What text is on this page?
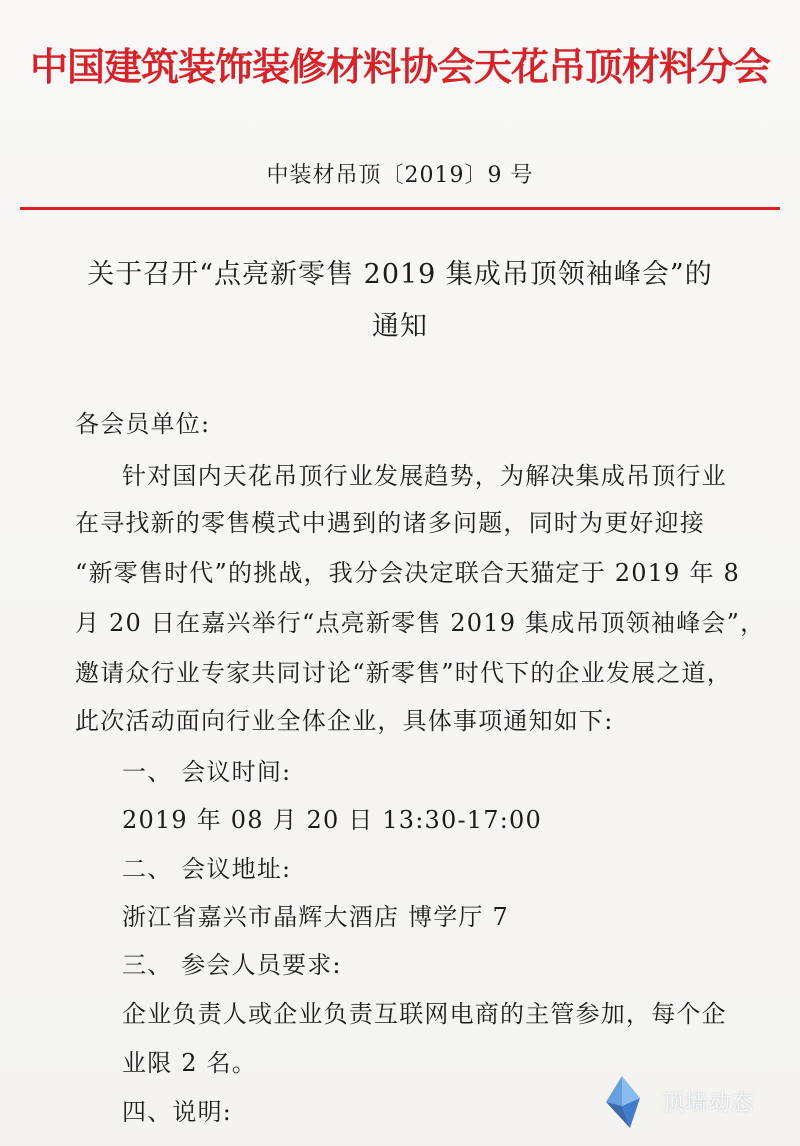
中国建筑装饰装修材料协会天花吊顶材料分会
中装材吊顶〔2019〕9 号
关于召开“点亮新零售 2019 集成吊顶领袖峰会”的
通知
各会员单位:
针对国内天花吊顶行业发展趋势，为解决集成吊顶行业
在寻找新的零售模式中遇到的诸多问题，同时为更好迎接
“新零售时代”的挑战，我分会决定联合天猫定于 2019 年 8
月 20 日在嘉兴举行“点亮新零售 2019 集成吊顶领袖峰会”，
邀请众行业专家共同讨论“新零售”时代下的企业发展之道，
此次活动面向行业全体企业，具体事项通知如下:
一、 会议时间:
2019 年 08 月 20 日 13:30-17:00
二、 会议地址:
浙江省嘉兴市晶辉大酒店 博学厅 7
三、 参会人员要求:
企业负责人或企业负责互联网电商的主管参加，每个企
业限 2 名。
四、说明:	顶墙动态
